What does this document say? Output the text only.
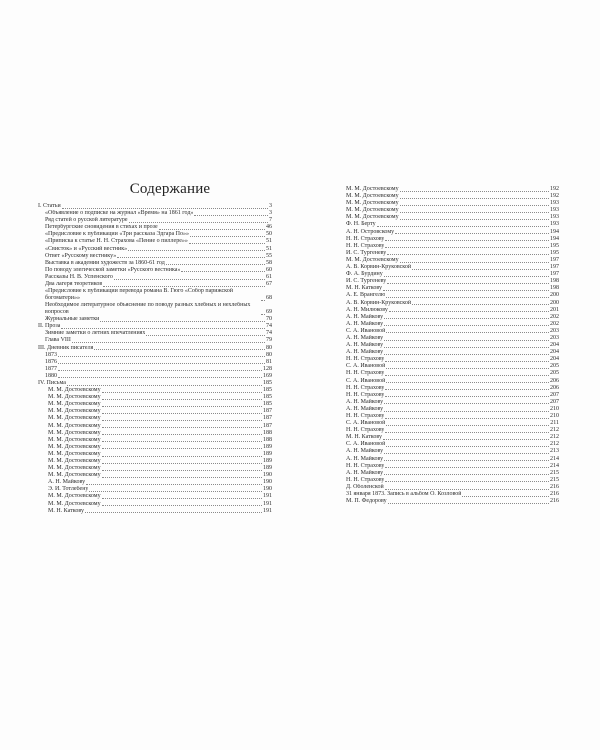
Содержание
I. Статьи	3
«Объявление о подписке на журнал «Время» на 1861 год»	3
Ряд статей о русской литературе	7
Петербургские сновидения в стихах и прозе	46
«Предисловие к публикации «Три рассказа Эдгара По»»	50
«Приписка к статье Н. Н. Страхова «Пение о пиллере»»	51
«Свисток» и «Русский вестник»	51
Ответ «Русскому вестнику»	55
Выставка в академии художеств за 1860-61 год	58
По поводу элегической заметки «Русского вестника»	60
Рассказы Н. В. Успенского	61
Два лагеря теоретиков	67
«Предисловие к публикации перевода романа В. Гюго «Собор парижской богоматери»»	68
Необходимое литературное объяснение по поводу разных хлебных и нехлебных вопросов	69
Журнальные заметки	70
II. Проза	74
Зимние заметки о летних впечатлениях	74
Глава VIII	79
III. Дневник писателя	80
1873	80
1876	81
1877	128
1880	169
IV. Письма	185
М. М. Достоевскому	185
М. М. Достоевскому	185
М. М. Достоевскому	185
М. М. Достоевскому	187
М. М. Достоевскому	187
М. М. Достоевскому	187
М. М. Достоевскому	188
М. М. Достоевскому	188
М. М. Достоевскому	189
М. М. Достоевскому	189
М. М. Достоевскому	189
М. М. Достоевскому	189
М. М. Достоевскому	190
А. Н. Майкову	190
Э. И. Тотлебену	190
М. М. Достоевскому	191
М. М. Достоевскому	191
М. Н. Каткову	191
М. М. Достоевскому	192
М. М. Достоевскому	192
М. М. Достоевскому	193
М. М. Достоевскому	193
М. М. Достоевскому	193
Ф. Н. Берту	193
А. Н. Островскому	194
Н. Н. Страхову	194
Н. Н. Страхову	195
И. С. Тургеневу	195
М. М. Достоевскому	197
А. В. Корвин-Круковской	197
Ф. А. Бурдину	197
И. С. Тургеневу	198
М. Н. Каткову	198
А. Е. Врангелю	200
А. В. Корвин-Круковской	200
А. Н. Милюкову	201
А. Н. Майкову	202
А. Н. Майкову	202
С. А. Ивановой	203
А. Н. Майкову	203
А. Н. Майкову	204
А. Н. Майкову	204
Н. Н. Страхову	204
С. А. Ивановой	205
Н. Н. Страхову	205
С. А. Ивановой	206
Н. Н. Страхову	206
Н. Н. Страхову	207
А. Н. Майкову	207
А. Н. Майкову	210
Н. Н. Страхову	210
С. А. Ивановой	211
Н. Н. Страхову	212
М. Н. Каткову	212
С. А. Ивановой	212
А. Н. Майкову	213
А. Н. Майкову	214
Н. Н. Страхову	214
А. Н. Майкову	215
Н. Н. Страхову	215
Д. Оболенской	216
31 января 1873. Запись в альбом О. Козловой	216
М. П. Федорову	216
